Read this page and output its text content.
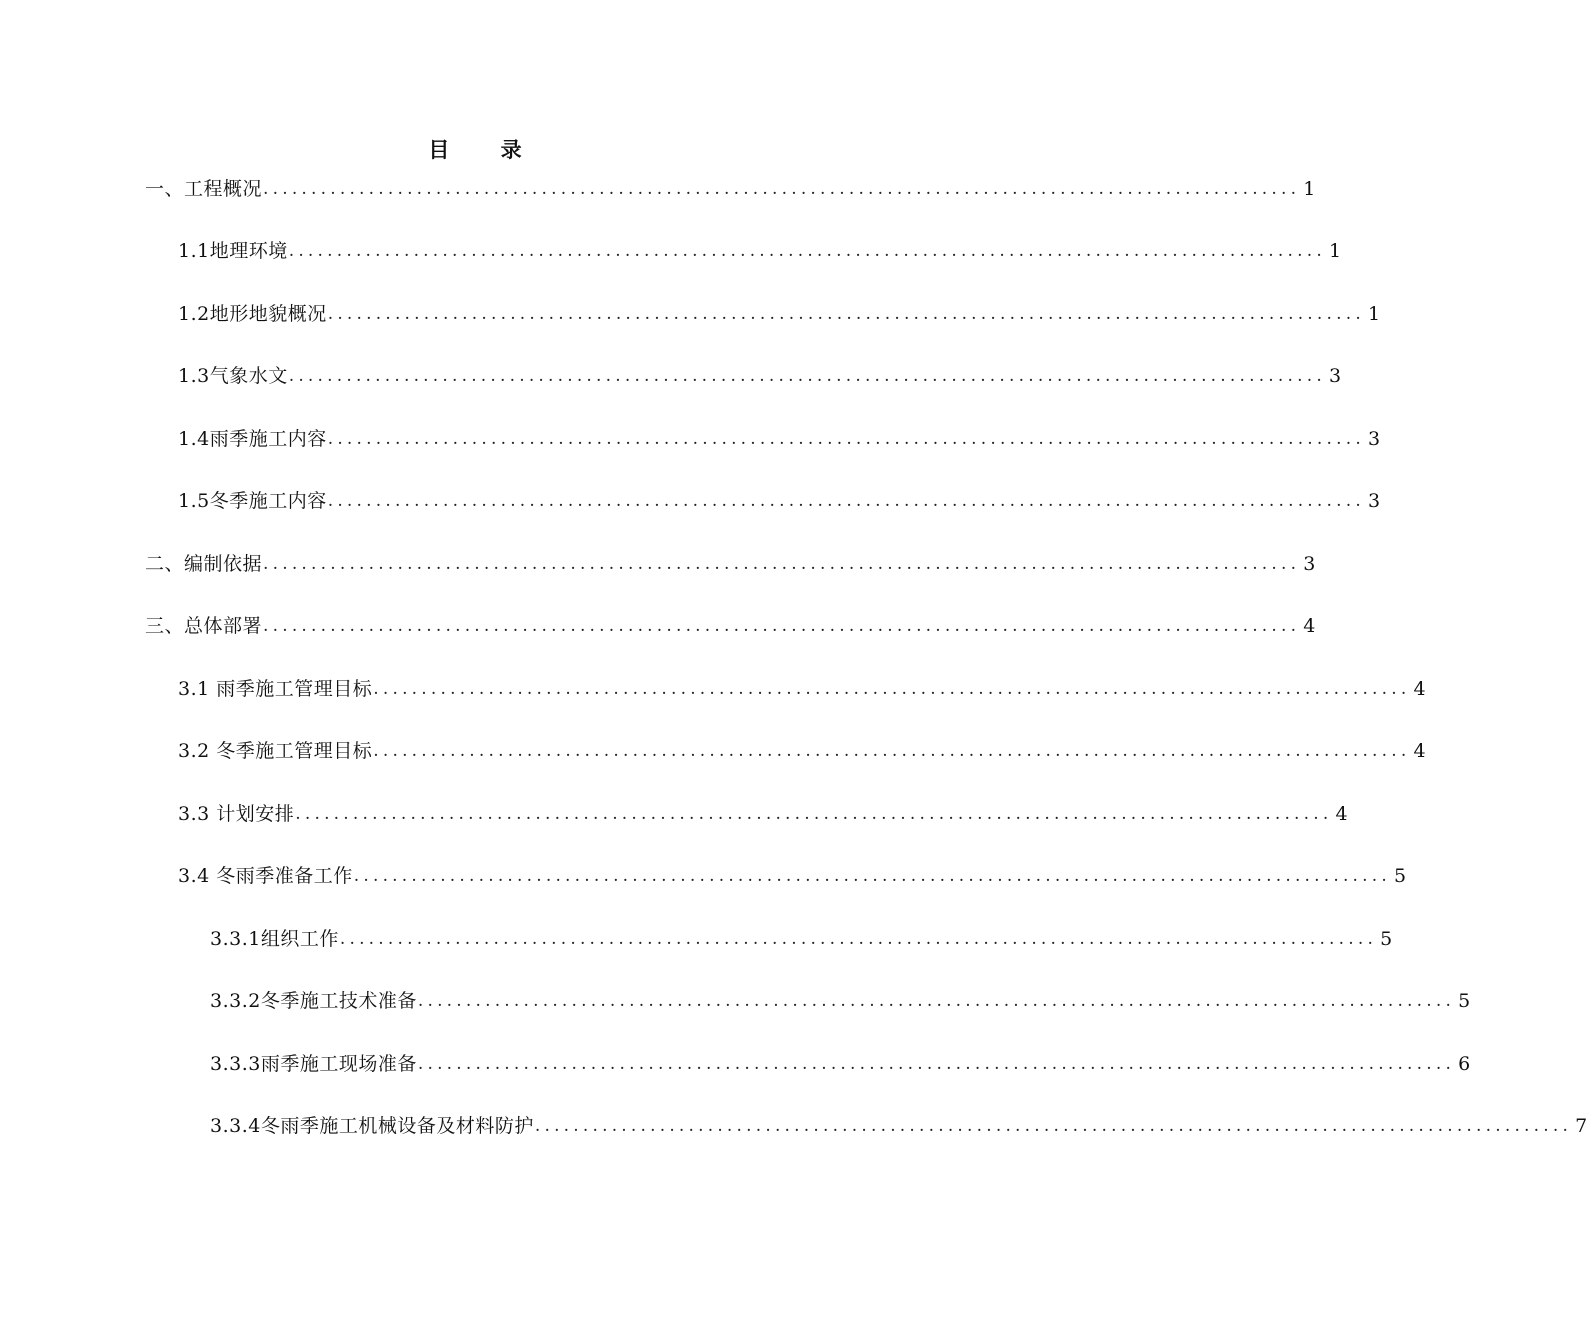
目 录
一、工程概况 ............................................................................................................ 1
1.1地理环境 ............................................................................................................ 1
1.2地形地貌概况 ............................................................................................................ 1
1.3气象水文 ............................................................................................................ 3
1.4雨季施工内容 ............................................................................................................ 3
1.5冬季施工内容 ............................................................................................................ 3
二、编制依据 ............................................................................................................ 3
三、总体部署 ............................................................................................................ 4
3.1 雨季施工管理目标 ............................................................................................................ 4
3.2 冬季施工管理目标 ............................................................................................................ 4
3.3 计划安排 ............................................................................................................ 4
3.4 冬雨季准备工作 ............................................................................................................ 5
3.3.1组织工作 ............................................................................................................ 5
3.3.2冬季施工技术准备 ............................................................................................................ 5
3.3.3雨季施工现场准备 ............................................................................................................ 6
3.3.4冬雨季施工机械设备及材料防护 ............................................................................................................ 7
